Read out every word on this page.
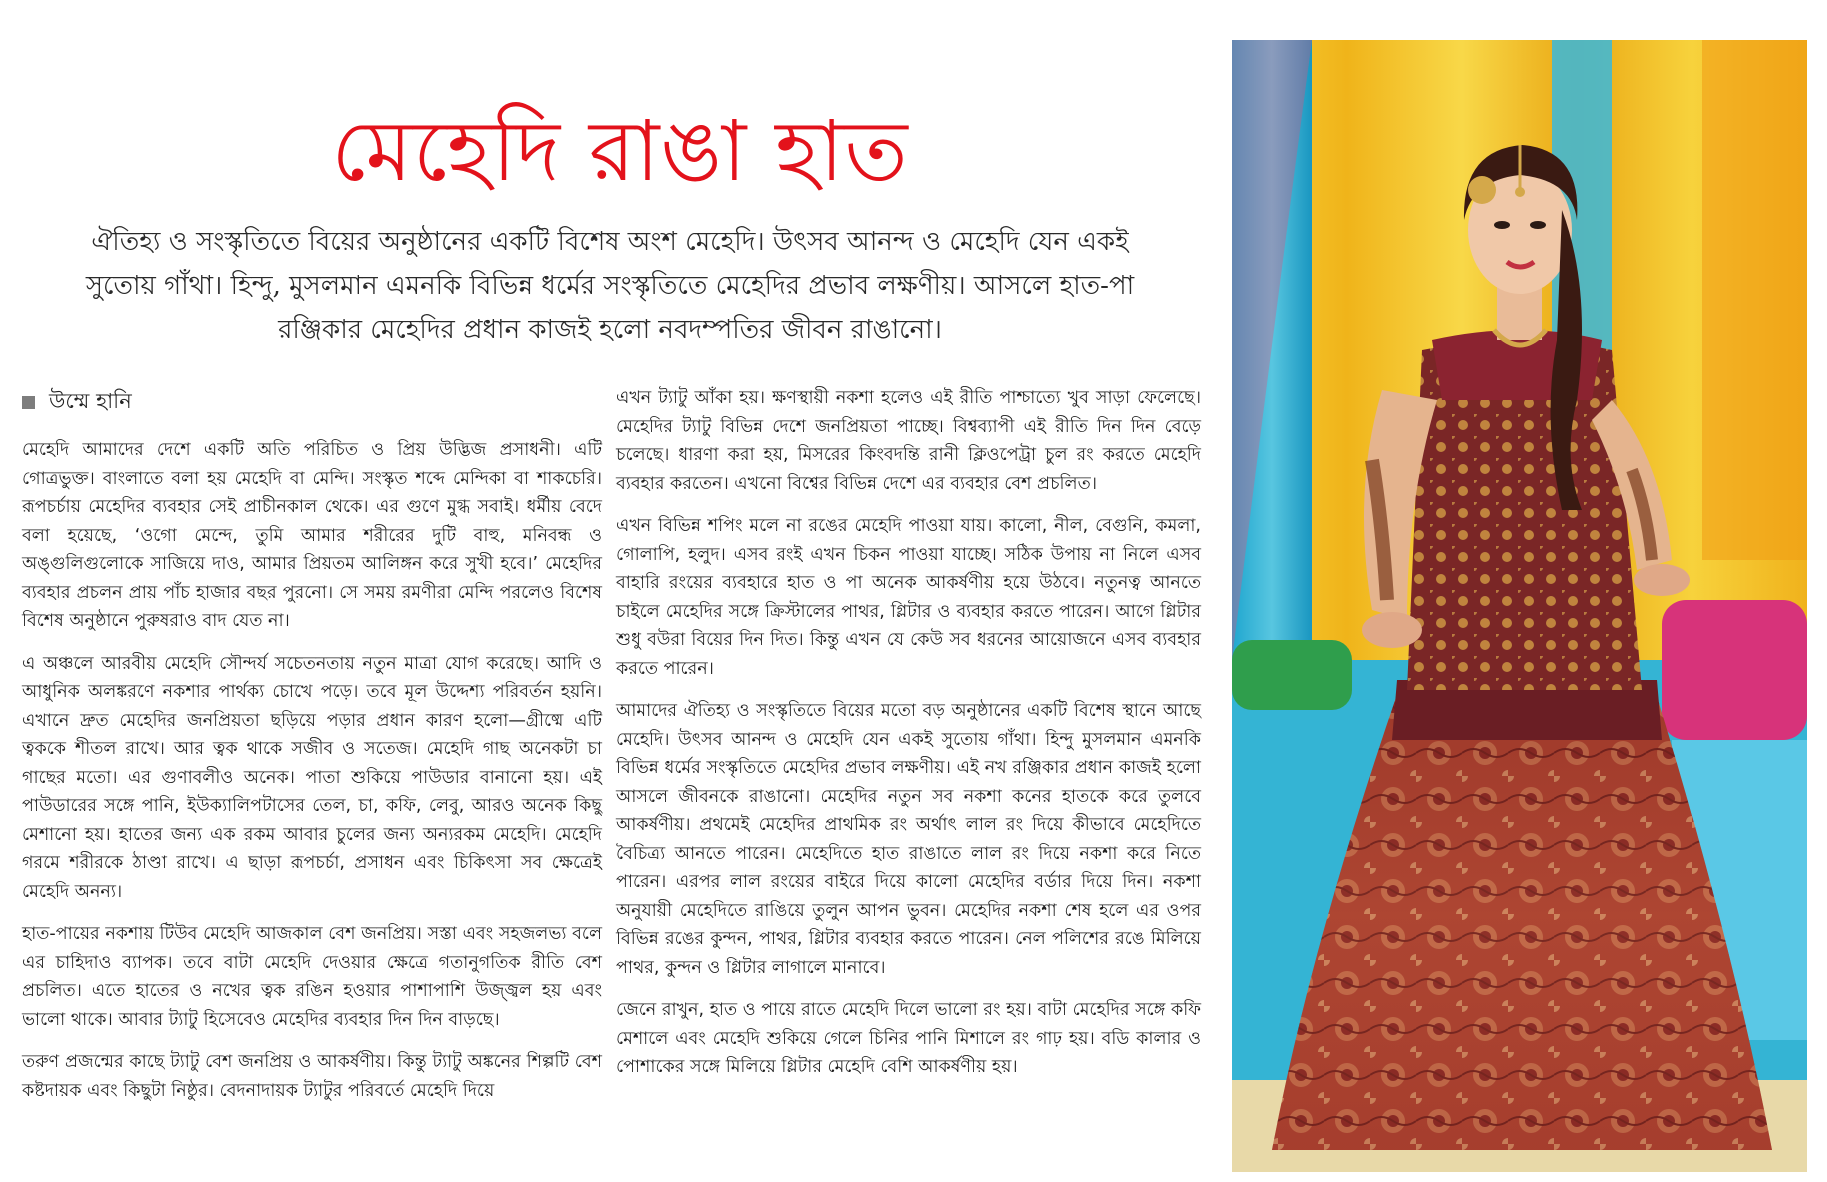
মেহেদি রাঙা হাত
ঐতিহ্য ও সংস্কৃতিতে বিয়ের অনুষ্ঠানের একটি বিশেষ অংশ মেহেদি। উৎসব আনন্দ ও মেহেদি যেন একই সুতোয় গাঁথা। হিন্দু, মুসলমান এমনকি বিভিন্ন ধর্মের সংস্কৃতিতে মেহেদির প্রভাব লক্ষণীয়। আসলে হাত-পা রঞ্জিকার মেহেদির প্রধান কাজই হলো নবদম্পতির জীবন রাঙানো।
উম্মে হানি

মেহেদি আমাদের দেশে একটি অতি পরিচিত ও প্রিয় উদ্ভিজ প্রসাধনী। এটি গোত্রভুক্ত। বাংলাতে বলা হয় মেহেদি বা মেন্দি। সংস্কৃত শব্দে মেন্দিকা বা শাকচেরি। রূপচর্চায় মেহেদির ব্যবহার সেই প্রাচীনকাল থেকে। এর গুণে মুগ্ধ সবাই। ধর্মীয় বেদে বলা হয়েছে, ‘ওগো মেন্দে, তুমি আমার শরীরের দুটি বাহু, মনিবন্ধ ও অঙ্গুলিগুলোকে সাজিয়ে দাও, আমার প্রিয়তম আলিঙ্গন করে সুখী হবে।’ মেহেদির ব্যবহার প্রচলন প্রায় পাঁচ হাজার বছর পুরনো। সে সময় রমণীরা মেন্দি পরলেও বিশেষ বিশেষ অনুষ্ঠানে পুরুষরাও বাদ যেত না।

এ অঞ্চলে আরবীয় মেহেদি সৌন্দর্য সচেতনতায় নতুন মাত্রা যোগ করেছে। আদি ও আধুনিক অলঙ্করণে নকশার পার্থক্য চোখে পড়ে। তবে মূল উদ্দেশ্য পরিবর্তন হয়নি। এখানে দ্রুত মেহেদির জনপ্রিয়তা ছড়িয়ে পড়ার প্রধান কারণ হলো—গ্রীষ্মে এটি ত্বককে শীতল রাখে। আর ত্বক থাকে সজীব ও সতেজ। মেহেদি গাছ অনেকটা চা গাছের মতো। এর গুণাবলীও অনেক। পাতা শুকিয়ে পাউডার বানানো হয়। এই পাউডারের সঙ্গে পানি, ইউক্যালিপটাসের তেল, চা, কফি, লেবু, আরও অনেক কিছু মেশানো হয়। হাতের জন্য এক রকম আবার চুলের জন্য অন্যরকম মেহেদি। মেহেদি গরমে শরীরকে ঠাণ্ডা রাখে। এ ছাড়া রূপচর্চা, প্রসাধন এবং চিকিৎসা সব ক্ষেত্রেই মেহেদি অনন্য।

হাত-পায়ের নকশায় টিউব মেহেদি আজকাল বেশ জনপ্রিয়। সস্তা এবং সহজলভ্য বলে এর চাহিদাও ব্যাপক। তবে বাটা মেহেদি দেওয়ার ক্ষেত্রে গতানুগতিক রীতি বেশ প্রচলিত। এতে হাতের ও নখের ত্বক রঙিন হওয়ার পাশাপাশি উজ্জ্বল হয় এবং ভালো থাকে। আবার ট্যাটু হিসেবেও মেহেদির ব্যবহার দিন দিন বাড়ছে।

তরুণ প্রজন্মের কাছে ট্যাটু বেশ জনপ্রিয় ও আকর্ষণীয়। কিন্তু ট্যাটু অঙ্কনের শিল্পটি বেশ কষ্টদায়ক এবং কিছুটা নিষ্ঠুর। বেদনাদায়ক ট্যাটুর পরিবর্তে মেহেদি দিয়ে

এখন ট্যাটু আঁকা হয়। ক্ষণস্থায়ী নকশা হলেও এই রীতি পাশ্চাত্যে খুব সাড়া ফেলেছে। মেহেদির ট্যাটু বিভিন্ন দেশে জনপ্রিয়তা পাচ্ছে। বিশ্বব্যাপী এই রীতি দিন দিন বেড়ে চলেছে। ধারণা করা হয়, মিসরের কিংবদন্তি রানী ক্লিওপেট্রা চুল রং করতে মেহেদি ব্যবহার করতেন। এখনো বিশ্বের বিভিন্ন দেশে এর ব্যবহার বেশ প্রচলিত।

এখন বিভিন্ন শপিং মলে না রঙের মেহেদি পাওয়া যায়। কালো, নীল, বেগুনি, কমলা, গোলাপি, হলুদ। এসব রংই এখন চিকন পাওয়া যাচ্ছে। সঠিক উপায় না নিলে এসব বাহারি রংয়ের ব্যবহারে হাত ও পা অনেক আকর্ষণীয় হয়ে উঠবে। নতুনত্ব আনতে চাইলে মেহেদির সঙ্গে ক্রিস্টালের পাথর, গ্লিটার ও ব্যবহার করতে পারেন। আগে গ্লিটার শুধু বউরা বিয়ের দিন দিত। কিন্তু এখন যে কেউ সব ধরনের আয়োজনে এসব ব্যবহার করতে পারেন।

আমাদের ঐতিহ্য ও সংস্কৃতিতে বিয়ের মতো বড় অনুষ্ঠানের একটি বিশেষ স্থানে আছে মেহেদি। উৎসব আনন্দ ও মেহেদি যেন একই সুতোয় গাঁথা। হিন্দু মুসলমান এমনকি বিভিন্ন ধর্মের সংস্কৃতিতে মেহেদির প্রভাব লক্ষণীয়। এই নখ রঞ্জিকার প্রধান কাজই হলো আসলে জীবনকে রাঙানো। মেহেদির নতুন সব নকশা কনের হাতকে করে তুলবে আকর্ষণীয়। প্রথমেই মেহেদির প্রাথমিক রং অর্থাৎ লাল রং দিয়ে কীভাবে মেহেদিতে বৈচিত্র্য আনতে পারেন। মেহেদিতে হাত রাঙাতে লাল রং দিয়ে নকশা করে নিতে পারেন। এরপর লাল রংয়ের বাইরে দিয়ে কালো মেহেদির বর্ডার দিয়ে দিন। নকশা অনুযায়ী মেহেদিতে রাঙিয়ে তুলুন আপন ভুবন। মেহেদির নকশা শেষ হলে এর ওপর বিভিন্ন রঙের কুন্দন, পাথর, গ্লিটার ব্যবহার করতে পারেন। নেল পলিশের রঙে মিলিয়ে পাথর, কুন্দন ও গ্লিটার লাগালে মানাবে।

জেনে রাখুন, হাত ও পায়ে রাতে মেহেদি দিলে ভালো রং হয়। বাটা মেহেদির সঙ্গে কফি মেশালে এবং মেহেদি শুকিয়ে গেলে চিনির পানি মিশালে রং গাঢ় হয়। বডি কালার ও পোশাকের সঙ্গে মিলিয়ে গ্লিটার মেহেদি বেশি আকর্ষণীয় হয়।
